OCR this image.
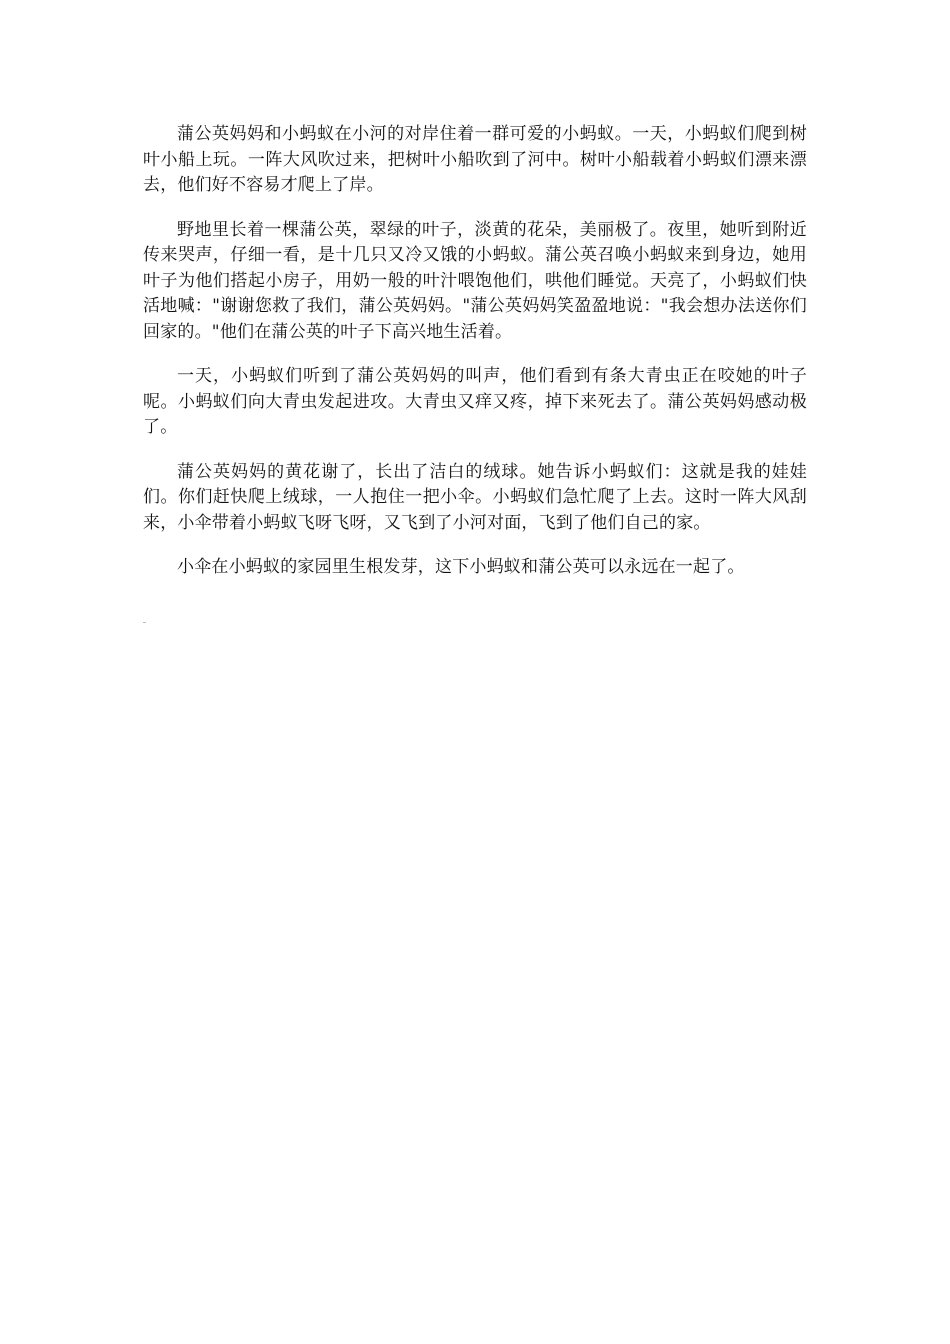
蒲公英妈妈和小蚂蚁在小河的对岸住着一群可爱的小蚂蚁。一天，小蚂蚁们爬到树叶小船上玩。一阵大风吹过来，把树叶小船吹到了河中。树叶小船载着小蚂蚁们漂来漂去，他们好不容易才爬上了岸。

野地里长着一棵蒲公英，翠绿的叶子，淡黄的花朵，美丽极了。夜里，她听到附近传来哭声，仔细一看，是十几只又冷又饿的小蚂蚁。蒲公英召唤小蚂蚁来到身边，她用叶子为他们搭起小房子，用奶一般的叶汁喂饱他们，哄他们睡觉。天亮了，小蚂蚁们快活地喊："谢谢您救了我们，蒲公英妈妈。"蒲公英妈妈笑盈盈地说："我会想办法送你们回家的。"他们在蒲公英的叶子下高兴地生活着。

一天，小蚂蚁们听到了蒲公英妈妈的叫声，他们看到有条大青虫正在咬她的叶子呢。小蚂蚁们向大青虫发起进攻。大青虫又痒又疼，掉下来死去了。蒲公英妈妈感动极了。

蒲公英妈妈的黄花谢了，长出了洁白的绒球。她告诉小蚂蚁们：这就是我的娃娃们。你们赶快爬上绒球，一人抱住一把小伞。小蚂蚁们急忙爬了上去。这时一阵大风刮来，小伞带着小蚂蚁飞呀飞呀，又飞到了小河对面，飞到了他们自己的家。

小伞在小蚂蚁的家园里生根发芽，这下小蚂蚁和蒲公英可以永远在一起了。
